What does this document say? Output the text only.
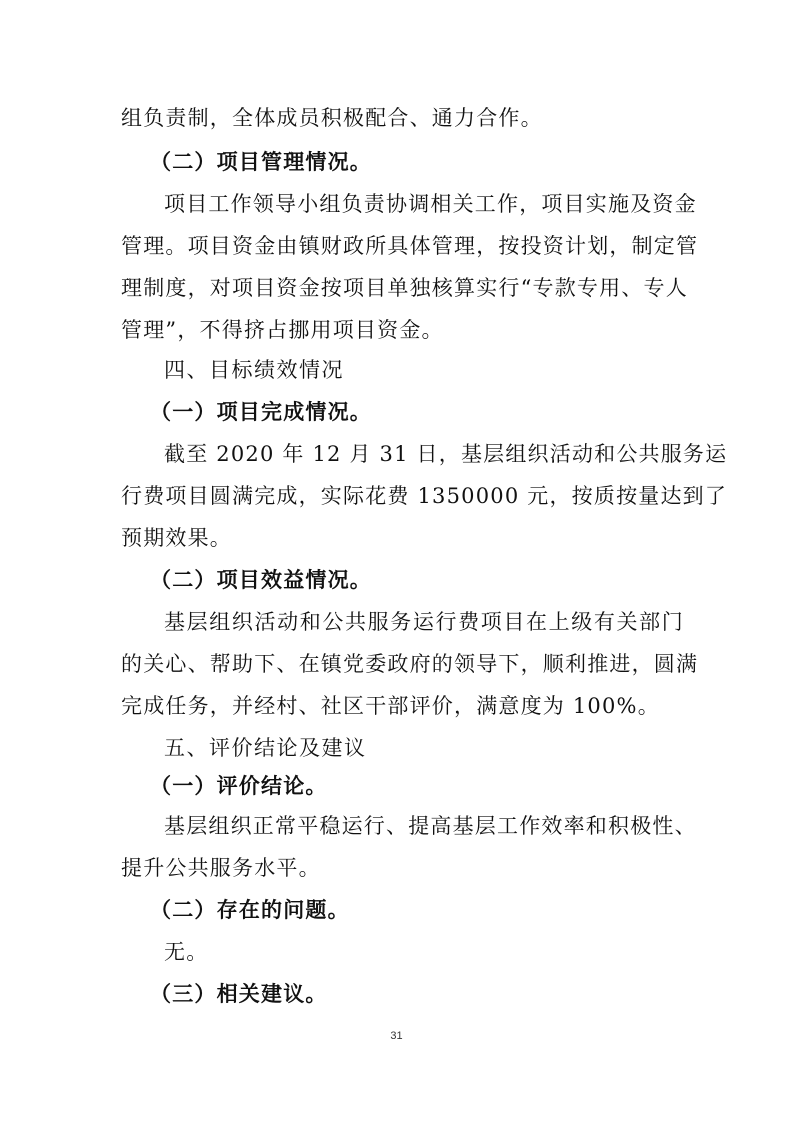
组负责制，全体成员积极配合、通力合作。
（二）项目管理情况。
项目工作领导小组负责协调相关工作，项目实施及资金
管理。项目资金由镇财政所具体管理，按投资计划，制定管
理制度，对项目资金按项目单独核算实行“专款专用、专人
管理”，不得挤占挪用项目资金。
四、目标绩效情况
（一）项目完成情况。
截至 2020 年 12 月 31 日，基层组织活动和公共服务运
行费项目圆满完成，实际花费 1350000 元，按质按量达到了
预期效果。
（二）项目效益情况。
基层组织活动和公共服务运行费项目在上级有关部门
的关心、帮助下、在镇党委政府的领导下，顺利推进，圆满
完成任务，并经村、社区干部评价，满意度为 100%。
五、评价结论及建议
（一）评价结论。
基层组织正常平稳运行、提高基层工作效率和积极性、
提升公共服务水平。
（二）存在的问题。
无。
（三）相关建议。
31
